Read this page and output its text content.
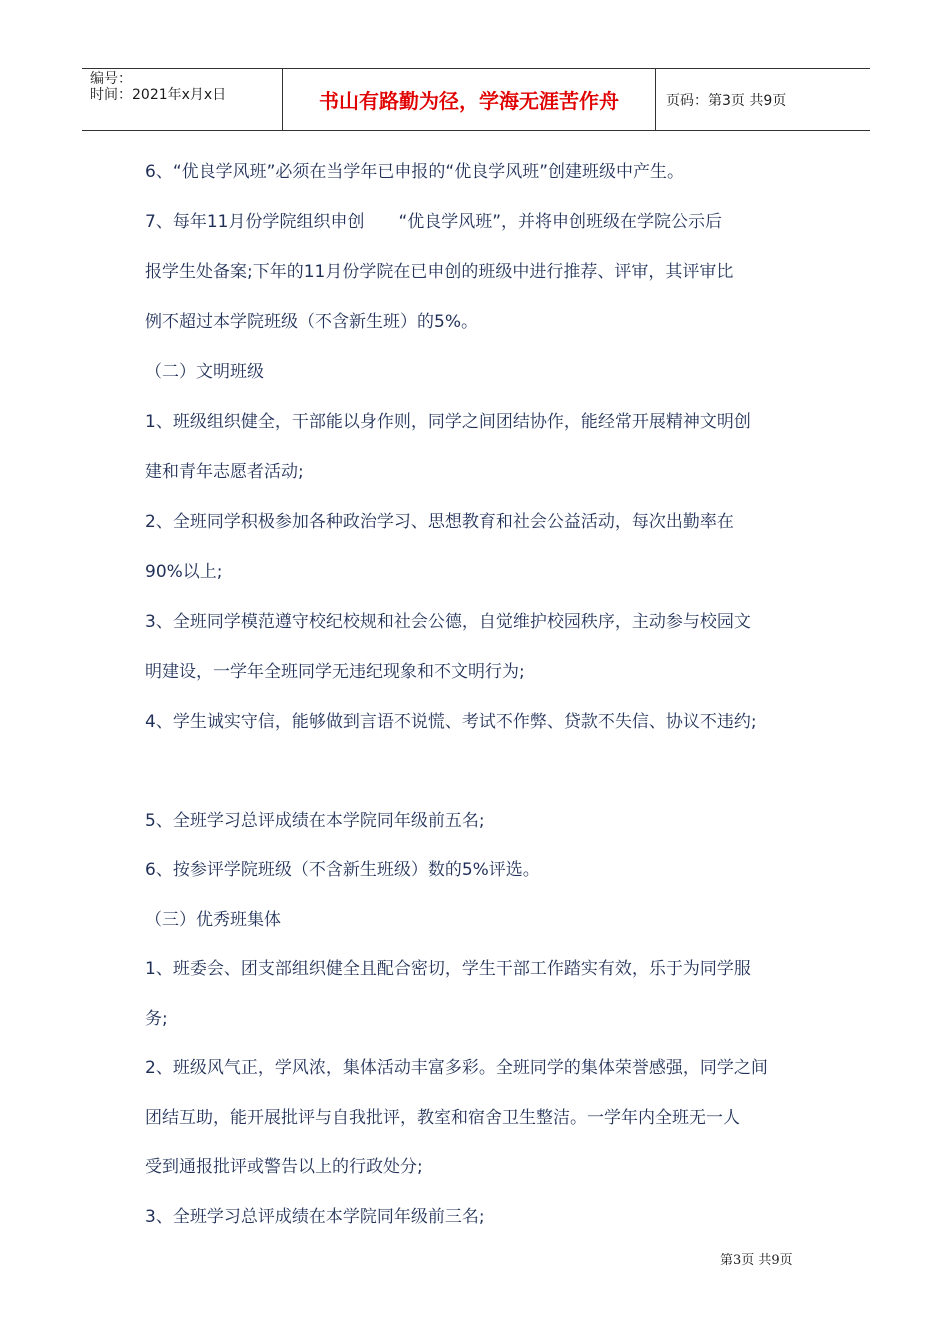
编号：
时间：2021年x月x日	书山有路勤为径，学海无涯苦作舟	页码：第3页 共9页
6、“优良学风班”必须在当学年已申报的“优良学风班”创建班级中产生。
7、每年11月份学院组织申创　　“优良学风班”，并将申创班级在学院公示后
报学生处备案;下年的11月份学院在已申创的班级中进行推荐、评审，其评审比
例不超过本学院班级（不含新生班）的5%。
（二）文明班级
1、班级组织健全，干部能以身作则，同学之间团结协作，能经常开展精神文明创
建和青年志愿者活动;
2、全班同学积极参加各种政治学习、思想教育和社会公益活动，每次出勤率在
90%以上;
3、全班同学模范遵守校纪校规和社会公德，自觉维护校园秩序，主动参与校园文
明建设，一学年全班同学无违纪现象和不文明行为;
4、学生诚实守信，能够做到言语不说慌、考试不作弊、贷款不失信、协议不违约;
5、全班学习总评成绩在本学院同年级前五名;
6、按参评学院班级（不含新生班级）数的5%评选。
（三）优秀班集体
1、班委会、团支部组织健全且配合密切，学生干部工作踏实有效，乐于为同学服
务;
2、班级风气正，学风浓，集体活动丰富多彩。全班同学的集体荣誉感强，同学之间
团结互助，能开展批评与自我批评，教室和宿舍卫生整洁。一学年内全班无一人
受到通报批评或警告以上的行政处分;
3、全班学习总评成绩在本学院同年级前三名;
第3页 共9页
